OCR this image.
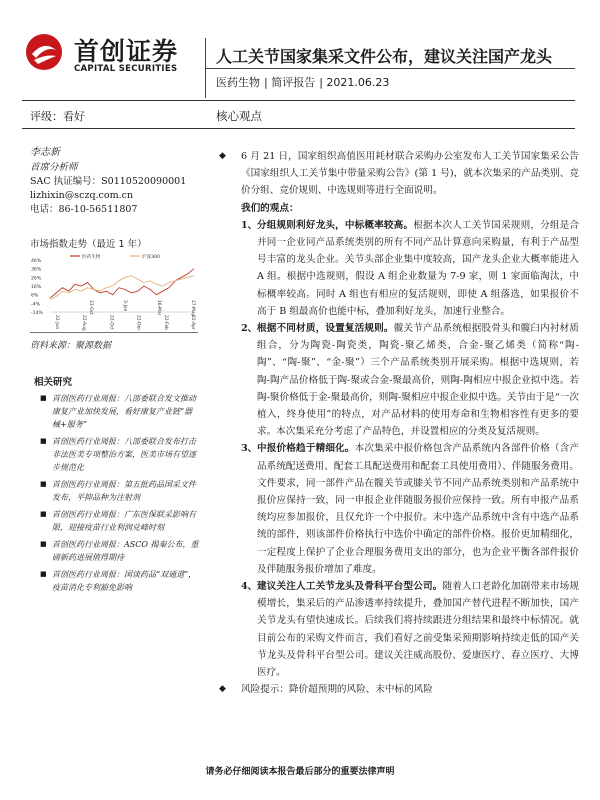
首创证券
CAPITAL SECURITIES
人工关节国家集采文件公布，建议关注国产龙头
医药生物 | 简评报告 | 2021.06.23
评级：看好	核心观点
李志新
首席分析师
SAC 执证编号：S0110520090001
lizhixin@sczq.com.cn
电话：86-10-56511807
市场指数走势（最近 1 年）
46%
36%
26%
16%
6%
-4%
-14%
医药生物	沪深300
22-Jun	22-Aug	22-Oct	22-Dec	22-Feb	22-Apr
23-Oct	3-Jan	16-Mar	27-May
资料来源：聚源数据
相关研究
■ 首创医药行业周报：八部委联合发文推动康复产业加快发展，看好康复产业链“器械+服务”
■ 首创医药行业周报：八部委联合发布打击非法医美专项整治方案，医美市场有望逐步规范化
■ 首创医药行业周报：第五批药品国采文件发布，平抑品种为注射剂
■ 首创医药行业周报：广东医保联采影响有限，迎接疫苗行业利润兑峰时刻
■ 首创医药行业周报：ASCO 揭秦公布，重磅新药进展值得期待
■ 首创医药行业周报：国谈药品“双通道”，疫苗消化专利豁免影响
◆ 6 月 21 日，国家组织高值医用耗材联合采购办公室发布人工关节国家集采公告《国家组织人工关节集中带量采购公告》(第 1 号)，就本次集采的产品类别、竞价分组、竞价规则、中选规则等进行全面说明。
我们的观点：
1、 分组规则利好龙头，中标概率较高。根据本次人工关节国采规则，分组是合并同一企业同产品系统类别的所有不同产品计算意向采购量，有利于产品型号丰富的龙头企业。关节头部企业集中度较高，国产龙头企业大概率能进入 A 组。根据中选规则，假设 A 组企业数量为 7-9 家，则 1 家面临淘汰，中标概率较高。同时 A 组也有相应的复活规则，即使 A 组落选，如果报价不高于 B 组最高价也能中标，叠加利好龙头，加速行业整合。
2、 根据不同材质，设置复活规则。髋关节产品系统根据股骨头和髋臼内衬材质组合，分为陶瓷-陶瓷类，陶瓷-聚乙烯类，合金-聚乙烯类（简称“陶-陶”、“陶-聚”、“金-聚”）三个产品系统类别开展采购。根据中选规则，若陶-陶产品价格低于陶-聚或合金-聚最高价，则陶-陶相应中报企业拟中选。若陶-聚价格低于金-聚最高价，则陶-聚相应中报企业拟中选。关节由于是“一次植入，终身使用”的特点，对产品材料的使用寿命和生物相容性有更多的要求。本次集采充分考虑了产品特色，并设置相应的分类及复活规则。
3、 中报价格趋于精细化。本次集采中报价格包含产品系统内各部件价格（含产品系统配送费用、配套工具配送费用和配套工具使用费用）、伴随服务费用。文件要求，同一部件产品在髋关节或膝关节不同产品系统类别和产品系统中报价应保持一致，同一申报企业伴随服务报价应保持一致。所有申报产品系统均应参加报价，且仅允许一个中报价。未中选产品系统中含有中选产品系统的部件，则该部件价格执行中选价中确定的部件价格。报价更加精细化，一定程度上保护了企业合理服务费用支出的部分，也为企业平衡各部件报价及伴随服务报价增加了难度。
4、 建议关注人工关节龙头及骨科平台型公司。随着人口老龄化加剧带来市场规模增长，集采后的产品渗透率持续提升，叠加国产替代进程不断加快，国产关节龙头有望快速成长。后续我们将持续跟进分组结果和最终中标情况。就目前公布的采购文件而言，我们看好之前受集采预期影响持续走低的国产关节龙头及骨科平台型公司。建议关注威高股份、爱康医疗、春立医疗、大博医疗。
◆ 风险提示：降价超预期的风险、未中标的风险
请务必仔细阅读本报告最后部分的重要法律声明
